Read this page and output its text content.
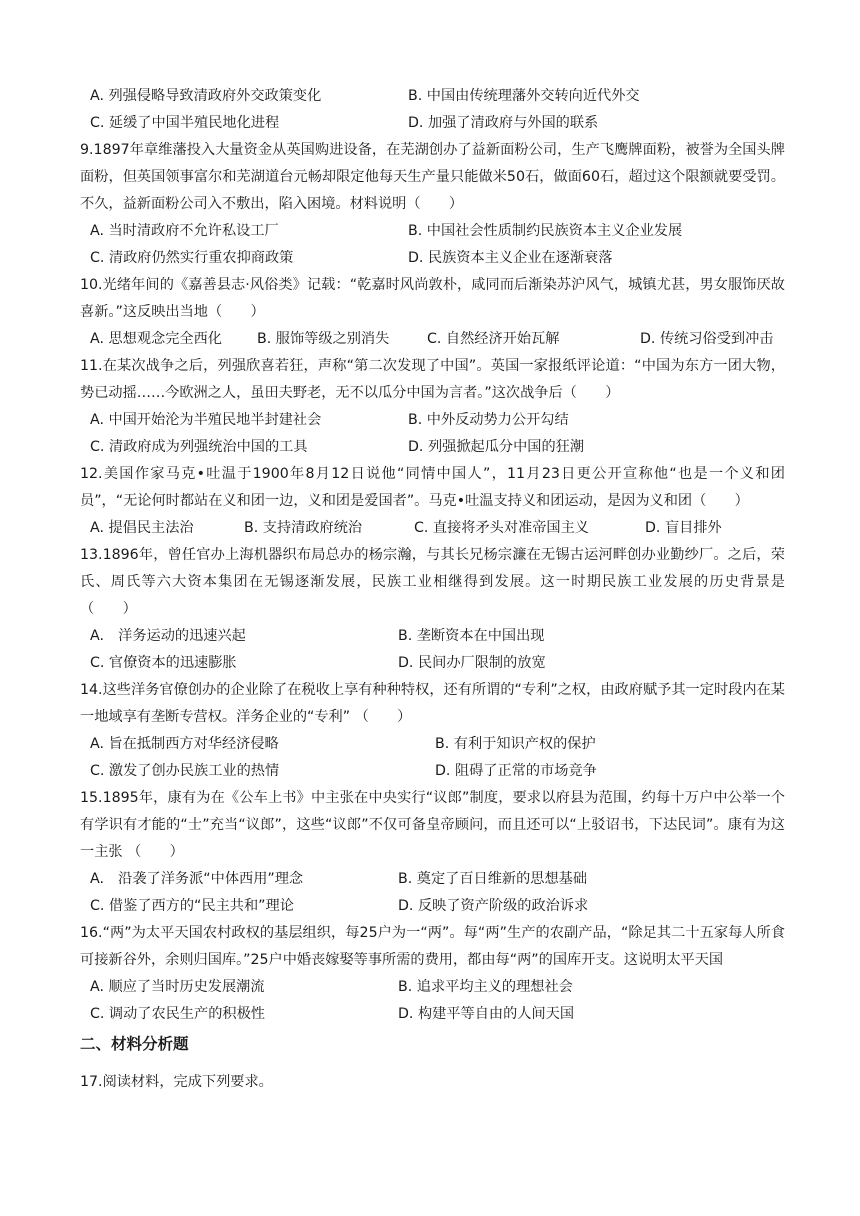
A. 列强侵略导致清政府外交政策变化	B. 中国由传统理藩外交转向近代外交
C. 延缓了中国半殖民地化进程	D. 加强了清政府与外国的联系
9.1897年章维藩投入大量资金从英国购进设备，在芜湖创办了益新面粉公司，生产飞鹰牌面粉，被誉为全国头牌面粉，但英国领事富尔和芜湖道台元畅却限定他每天生产量只能做米50石，做面60石，超过这个限额就要受罚。不久，益新面粉公司入不敷出，陷入困境。材料说明（　　）
A. 当时清政府不允许私设工厂	B. 中国社会性质制约民族资本主义企业发展
C. 清政府仍然实行重农抑商政策	D. 民族资本主义企业在逐渐衰落
10.光绪年间的《嘉善县志·风俗类》记载：“乾嘉时风尚敦朴，咸同而后渐染苏沪风气，城镇尤甚，男女服饰厌故喜新。”这反映出当地（　　）
A. 思想观念完全西化	B. 服饰等级之别消失	C. 自然经济开始瓦解	D. 传统习俗受到冲击
11.在某次战争之后，列强欣喜若狂，声称“第二次发现了中国”。英国一家报纸评论道：“中国为东方一团大物，势已动摇……今欧洲之人，虽田夫野老，无不以瓜分中国为言者。”这次战争后（　　）
A. 中国开始沦为半殖民地半封建社会	B. 中外反动势力公开勾结
C. 清政府成为列强统治中国的工具	D. 列强掀起瓜分中国的狂潮
12.美国作家马克•吐温于1900年8月12日说他“同情中国人”，11月23日更公开宣称他“也是一个义和团员”，“无论何时都站在义和团一边，义和团是爱国者”。马克•吐温支持义和团运动，是因为义和团（　　）
A. 提倡民主法治	B. 支持清政府统治	C. 直接将矛头对准帝国主义	D. 盲目排外
13.1896年，曾任官办上海机器织布局总办的杨宗瀚，与其长兄杨宗濂在无锡古运河畔创办业勤纱厂。之后，荣氏、周氏等六大资本集团在无锡逐渐发展，民族工业相继得到发展。这一时期民族工业发展的历史背景是 （　　）
A.　洋务运动的迅速兴起	B. 垄断资本在中国出现
C. 官僚资本的迅速膨胀	D. 民间办厂限制的放宽
14.这些洋务官僚创办的企业除了在税收上享有种种特权，还有所谓的“专利”之权，由政府赋予其一定时段内在某一地域享有垄断专营权。洋务企业的“专利” （　　）
A. 旨在抵制西方对华经济侵略	B. 有利于知识产权的保护
C. 激发了创办民族工业的热情	D. 阻碍了正常的市场竞争
15.1895年，康有为在《公车上书》中主张在中央实行“议郎”制度，要求以府县为范围，约每十万户中公举一个有学识有才能的“士”充当“议郎”，这些“议郎”不仅可备皇帝顾问，而且还可以“上驳诏书，下达民词”。康有为这一主张 （　　）
A.　沿袭了洋务派“中体西用”理念	B. 奠定了百日维新的思想基础
C. 借鉴了西方的“民主共和”理论	D. 反映了资产阶级的政治诉求
16.“两”为太平天国农村政权的基层组织，每25户为一“两”。每“两”生产的农副产品，“除足其二十五家每人所食可接新谷外，余则归国库。”25户中婚丧嫁娶等事所需的费用，都由每“两”的国库开支。这说明太平天国
A. 顺应了当时历史发展潮流	B. 追求平均主义的理想社会
C. 调动了农民生产的积极性	D. 构建平等自由的人间天国
二、材料分析题
17.阅读材料，完成下列要求。
